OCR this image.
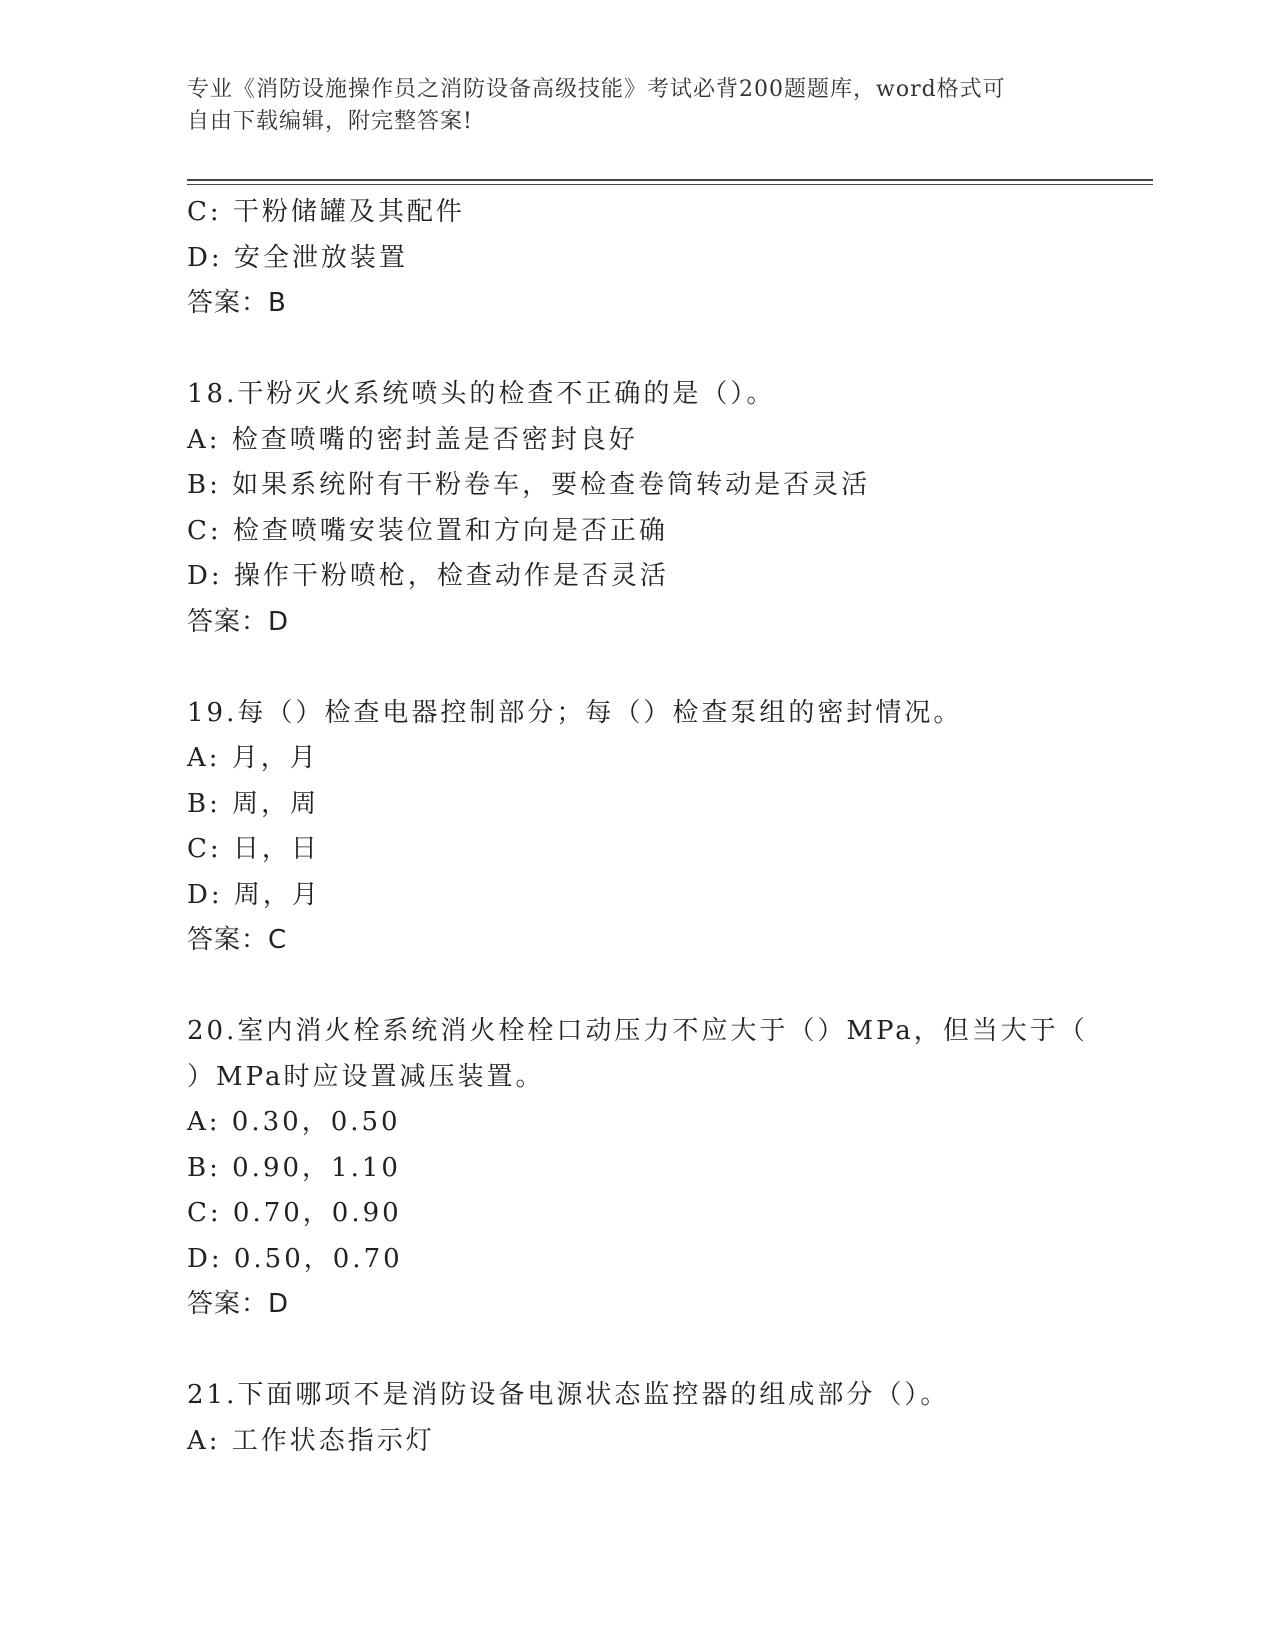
专业《消防设施操作员之消防设备高级技能》考试必背200题题库，word格式可
自由下载编辑，附完整答案!
C: 干粉储罐及其配件
D: 安全泄放装置
答案：B
18.干粉灭火系统喷头的检查不正确的是（）。
A: 检查喷嘴的密封盖是否密封良好
B: 如果系统附有干粉卷车，要检查卷筒转动是否灵活
C: 检查喷嘴安装位置和方向是否正确
D: 操作干粉喷枪，检查动作是否灵活
答案：D
19.每（）检查电器控制部分；每（）检查泵组的密封情况。
A: 月，月
B: 周，周
C: 日，日
D: 周，月
答案：C
20.室内消火栓系统消火栓栓口动压力不应大于（）MPa，但当大于（
）MPa时应设置减压装置。
A: 0.30，0.50
B: 0.90，1.10
C: 0.70，0.90
D: 0.50，0.70
答案：D
21.下面哪项不是消防设备电源状态监控器的组成部分（）。
A: 工作状态指示灯
